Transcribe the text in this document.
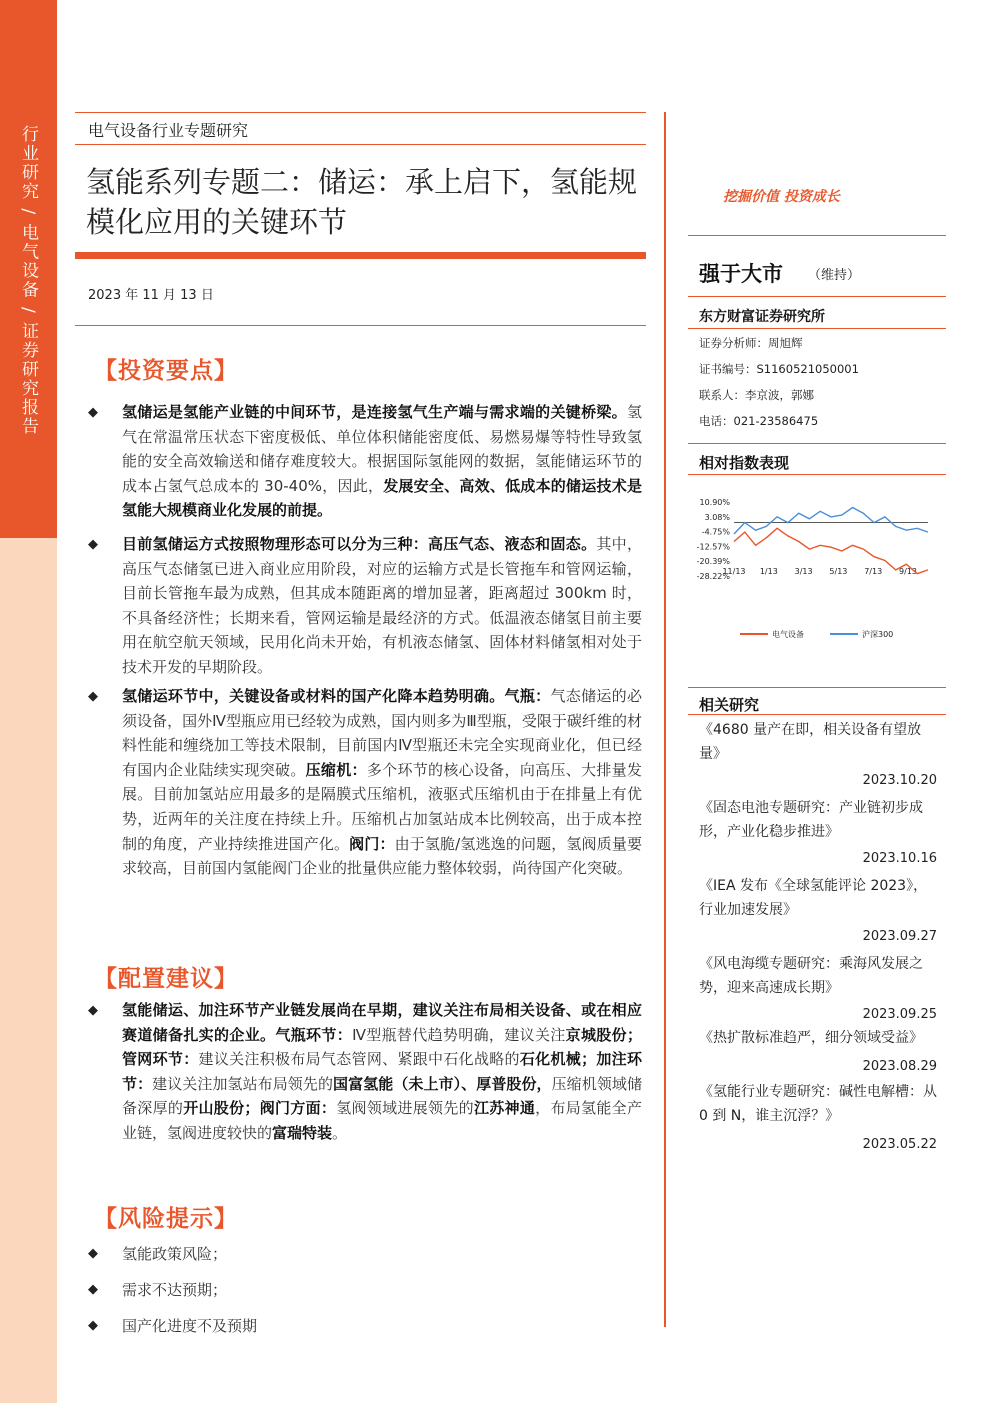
行业研究 / 电气设备 / 证券研究报告	电气设备行业专题研究
氢能系列专题二：储运：承上启下，氢能规模化应用的关键环节
2023 年 11 月 13 日
【投资要点】
◆ 氢储运是氢能产业链的中间环节，是连接氢气生产端与需求端的关键桥梁。氢气在常温常压状态下密度极低、单位体积储能密度低、易燃易爆等特性导致氢能的安全高效输送和储存难度较大。根据国际氢能网的数据，氢能储运环节的成本占氢气总成本的 30-40%，因此，发展安全、高效、低成本的储运技术是氢能大规模商业化发展的前提。
◆ 目前氢储运方式按照物理形态可以分为三种：高压气态、液态和固态。其中，高压气态储氢已进入商业应用阶段，对应的运输方式是长管拖车和管网运输，目前长管拖车最为成熟，但其成本随距离的增加显著，距离超过 300km 时，不具备经济性；长期来看，管网运输是最经济的方式。低温液态储氢目前主要用在航空航天领域，民用化尚未开始，有机液态储氢、固体材料储氢相对处于技术开发的早期阶段。
◆ 氢储运环节中，关键设备或材料的国产化降本趋势明确。气瓶：气态储运的必须设备，国外Ⅳ型瓶应用已经较为成熟，国内则多为Ⅲ型瓶，受限于碳纤维的材料性能和缠绕加工等技术限制，目前国内Ⅳ型瓶还未完全实现商业化，但已经有国内企业陆续实现突破。压缩机：多个环节的核心设备，向高压、大排量发展。目前加氢站应用最多的是隔膜式压缩机，液驱式压缩机由于在排量上有优势，近两年的关注度在持续上升。压缩机占加氢站成本比例较高，出于成本控制的角度，产业持续推进国产化。阀门：由于氢脆/氢逃逸的问题，氢阀质量要求较高，目前国内氢能阀门企业的批量供应能力整体较弱，尚待国产化突破。
【配置建议】
◆ 氢能储运、加注环节产业链发展尚在早期，建议关注布局相关设备、或在相应赛道储备扎实的企业。气瓶环节：Ⅳ型瓶替代趋势明确，建议关注京城股份；管网环节：建议关注积极布局气态管网、紧跟中石化战略的石化机械；加注环节：建议关注加氢站布局领先的国富氢能（未上市）、厚普股份，压缩机领域储备深厚的开山股份；阀门方面：氢阀领域进展领先的江苏神通，布局氢能全产业链，氢阀进度较快的富瑞特装。
【风险提示】
◆ 氢能政策风险；
◆ 需求不达预期；
◆ 国产化进度不及预期
挖掘价值 投资成长
强于大市 （维持）
东方财富证券研究所
证券分析师：周旭辉
证书编号：S1160521050001
联系人：李京波，郭娜
电话：021-23586475
相对指数表现
10.90%
3.08%
-4.75%
-12.57%
-20.39%
-28.22%
11/13 1/13 3/13 5/13 7/13 9/13
电气设备	沪深300
相关研究
《4680 量产在即，相关设备有望放量》
2023.10.20
《固态电池专题研究：产业链初步成形，产业化稳步推进》
2023.10.16
《IEA 发布《全球氢能评论 2023》，行业加速发展》
2023.09.27
《风电海缆专题研究：乘海风发展之势，迎来高速成长期》
2023.09.25
《热扩散标准趋严，细分领域受益》
2023.08.29
《氢能行业专题研究：碱性电解槽：从 0 到 N，谁主沉浮？》
2023.05.22
